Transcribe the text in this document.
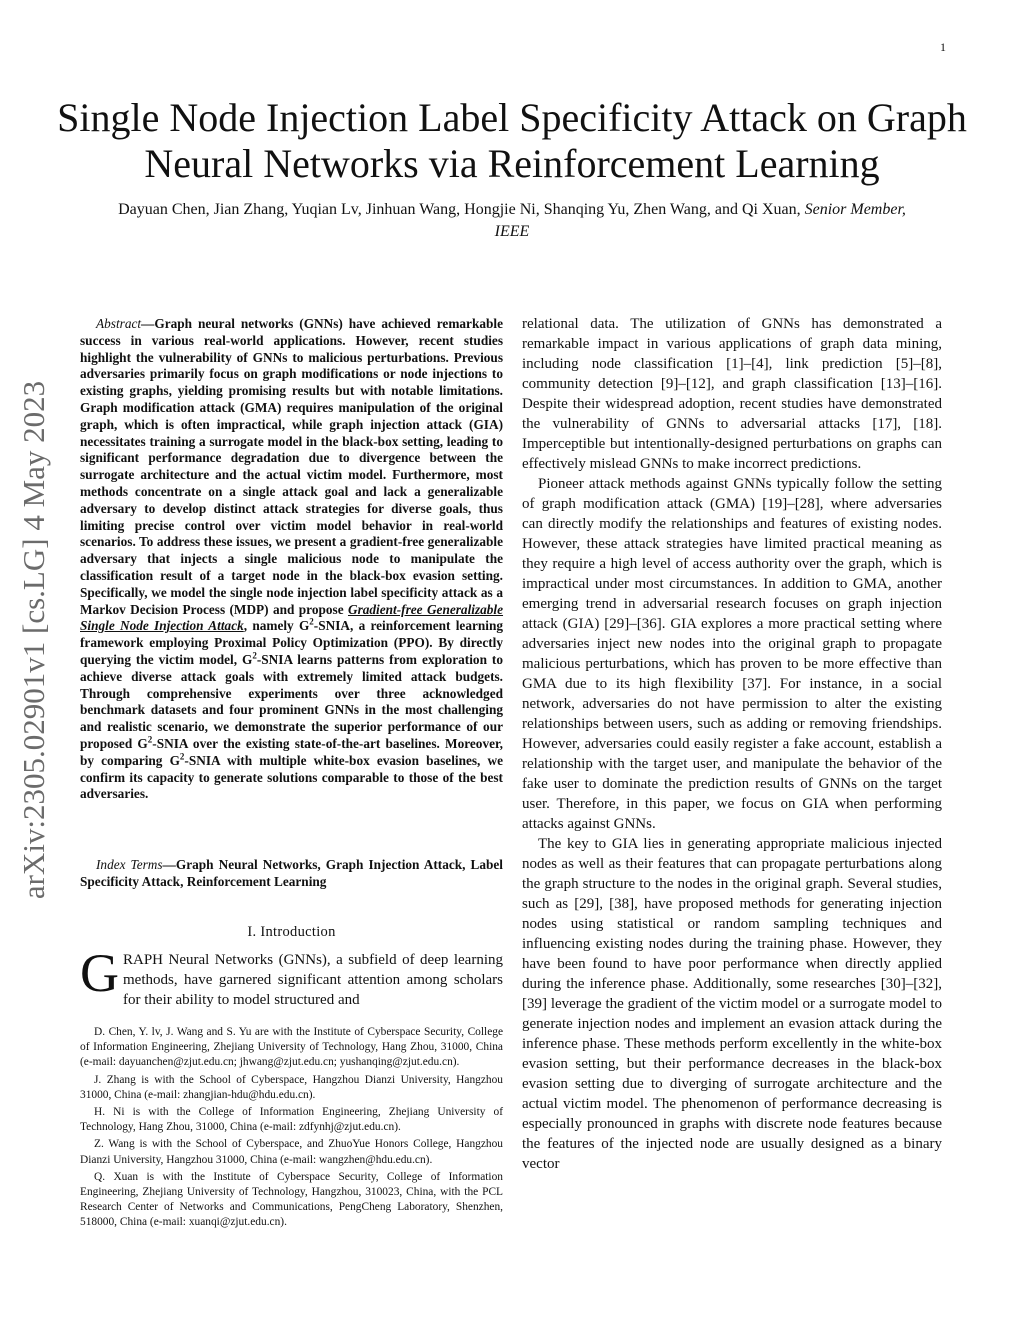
1
arXiv:2305.02901v1 [cs.LG] 4 May 2023
Single Node Injection Label Specificity Attack on Graph Neural Networks via Reinforcement Learning
Dayuan Chen, Jian Zhang, Yuqian Lv, Jinhuan Wang, Hongjie Ni, Shanqing Yu, Zhen Wang, and Qi Xuan, Senior Member, IEEE
Abstract—Graph neural networks (GNNs) have achieved remarkable success in various real-world applications. However, recent studies highlight the vulnerability of GNNs to malicious perturbations. Previous adversaries primarily focus on graph modifications or node injections to existing graphs, yielding promising results but with notable limitations. Graph modification attack (GMA) requires manipulation of the original graph, which is often impractical, while graph injection attack (GIA) necessitates training a surrogate model in the black-box setting, leading to significant performance degradation due to divergence between the surrogate architecture and the actual victim model. Furthermore, most methods concentrate on a single attack goal and lack a generalizable adversary to develop distinct attack strategies for diverse goals, thus limiting precise control over victim model behavior in real-world scenarios. To address these issues, we present a gradient-free generalizable adversary that injects a single malicious node to manipulate the classification result of a target node in the black-box evasion setting. Specifically, we model the single node injection label specificity attack as a Markov Decision Process (MDP) and propose Gradient-free Generalizable Single Node Injection Attack, namely $G^2$-SNIA, a reinforcement learning framework employing Proximal Policy Optimization (PPO). By directly querying the victim model, $G^2$-SNIA learns patterns from exploration to achieve diverse attack goals with extremely limited attack budgets. Through comprehensive experiments over three acknowledged benchmark datasets and four prominent GNNs in the most challenging and realistic scenario, we demonstrate the superior performance of our proposed $G^2$-SNIA over the existing state-of-the-art baselines. Moreover, by comparing $G^2$-SNIA with multiple white-box evasion baselines, we confirm its capacity to generate solutions comparable to those of the best adversaries.
Index Terms—Graph Neural Networks, Graph Injection Attack, Label Specificity Attack, Reinforcement Learning
I. Introduction
GRAPH Neural Networks (GNNs), a subfield of deep learning methods, have garnered significant attention among scholars for their ability to model structured and

D. Chen, Y. lv, J. Wang and S. Yu are with the Institute of Cyberspace Security, College of Information Engineering, Zhejiang University of Technology, Hang Zhou, 31000, China (e-mail: dayuanchen@zjut.edu.cn; jhwang@zjut.edu.cn; yushanqing@zjut.edu.cn).

J. Zhang is with the School of Cyberspace, Hangzhou Dianzi University, Hangzhou 31000, China (e-mail: zhangjian-hdu@hdu.edu.cn).

H. Ni is with the College of Information Engineering, Zhejiang University of Technology, Hang Zhou, 31000, China (e-mail: zdfynhj@zjut.edu.cn).

Z. Wang is with the School of Cyberspace, and ZhuoYue Honors College, Hangzhou Dianzi University, Hangzhou 31000, China (e-mail: wangzhen@hdu.edu.cn).

Q. Xuan is with the Institute of Cyberspace Security, College of Information Engineering, Zhejiang University of Technology, Hangzhou, 310023, China, with the PCL Research Center of Networks and Communications, PengCheng Laboratory, Shenzhen, 518000, China (e-mail: xuanqi@zjut.edu.cn).

relational data. The utilization of GNNs has demonstrated a remarkable impact in various applications of graph data mining, including node classification [1]–[4], link prediction [5]–[8], community detection [9]–[12], and graph classification [13]–[16]. Despite their widespread adoption, recent studies have demonstrated the vulnerability of GNNs to adversarial attacks [17], [18]. Imperceptible but intentionally-designed perturbations on graphs can effectively mislead GNNs to make incorrect predictions.

Pioneer attack methods against GNNs typically follow the setting of graph modification attack (GMA) [19]–[28], where adversaries can directly modify the relationships and features of existing nodes. However, these attack strategies have limited practical meaning as they require a high level of access authority over the graph, which is impractical under most circumstances. In addition to GMA, another emerging trend in adversarial research focuses on graph injection attack (GIA) [29]–[36]. GIA explores a more practical setting where adversaries inject new nodes into the original graph to propagate malicious perturbations, which has proven to be more effective than GMA due to its high flexibility [37]. For instance, in a social network, adversaries do not have permission to alter the existing relationships between users, such as adding or removing friendships. However, adversaries could easily register a fake account, establish a relationship with the target user, and manipulate the behavior of the fake user to dominate the prediction results of GNNs on the target user. Therefore, in this paper, we focus on GIA when performing attacks against GNNs.

The key to GIA lies in generating appropriate malicious injected nodes as well as their features that can propagate perturbations along the graph structure to the nodes in the original graph. Several studies, such as [29], [38], have proposed methods for generating injection nodes using statistical or random sampling techniques and influencing existing nodes during the training phase. However, they have been found to have poor performance when directly applied during the inference phase. Additionally, some researches [30]–[32], [39] leverage the gradient of the victim model or a surrogate model to generate injection nodes and implement an evasion attack during the inference phase. These methods perform excellently in the white-box evasion setting, but their performance decreases in the black-box evasion setting due to diverging of surrogate architecture and the actual victim model. The phenomenon of performance decreasing is especially pronounced in graphs with discrete node features because the features of the injected node are usually designed as a binary vector
